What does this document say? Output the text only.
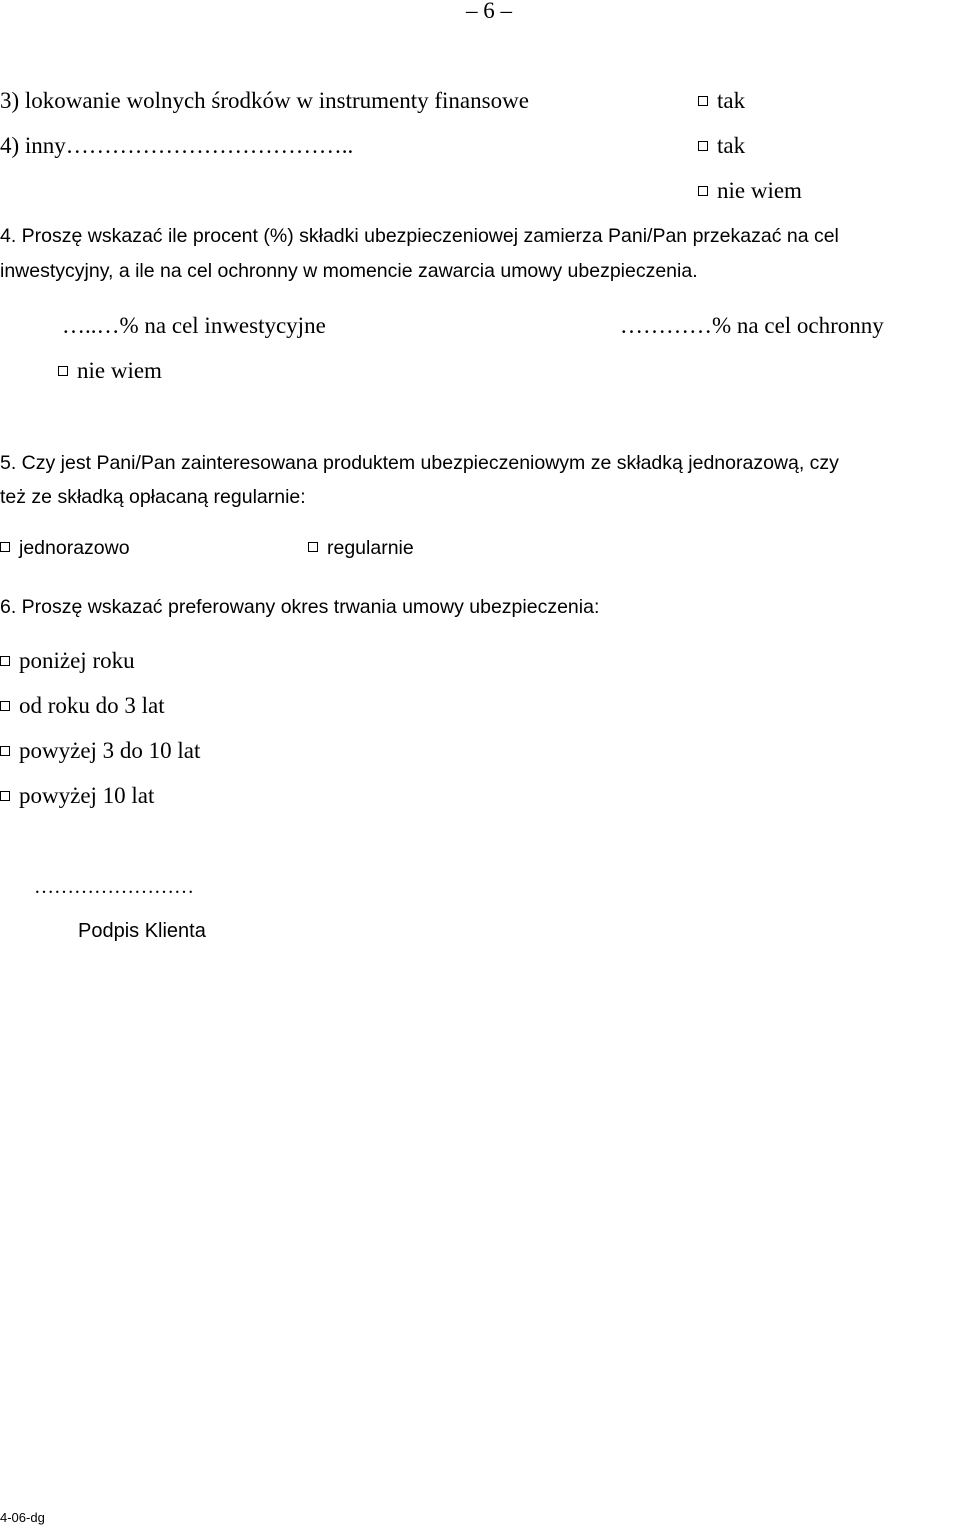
– 6 –
3) lokowanie wolnych środków w instrumenty finansowe	tak
4) inny………………………………..	tak
nie wiem
4. Proszę wskazać ile procent (%) składki ubezpieczeniowej zamierza Pani/Pan przekazać na cel
inwestycyjny, a ile na cel ochronny w momencie zawarcia umowy ubezpieczenia.
…..…% na cel inwestycyjne	…………% na cel ochronny
nie wiem
5. Czy jest Pani/Pan zainteresowana produktem ubezpieczeniowym ze składką jednorazową, czy
też ze składką opłacaną regularnie:
jednorazowo	regularnie
6. Proszę wskazać preferowany okres trwania umowy ubezpieczenia:
poniżej roku
od roku do 3 lat
powyżej 3 do 10 lat
powyżej 10 lat
……………………
Podpis Klienta
4-06-dg
